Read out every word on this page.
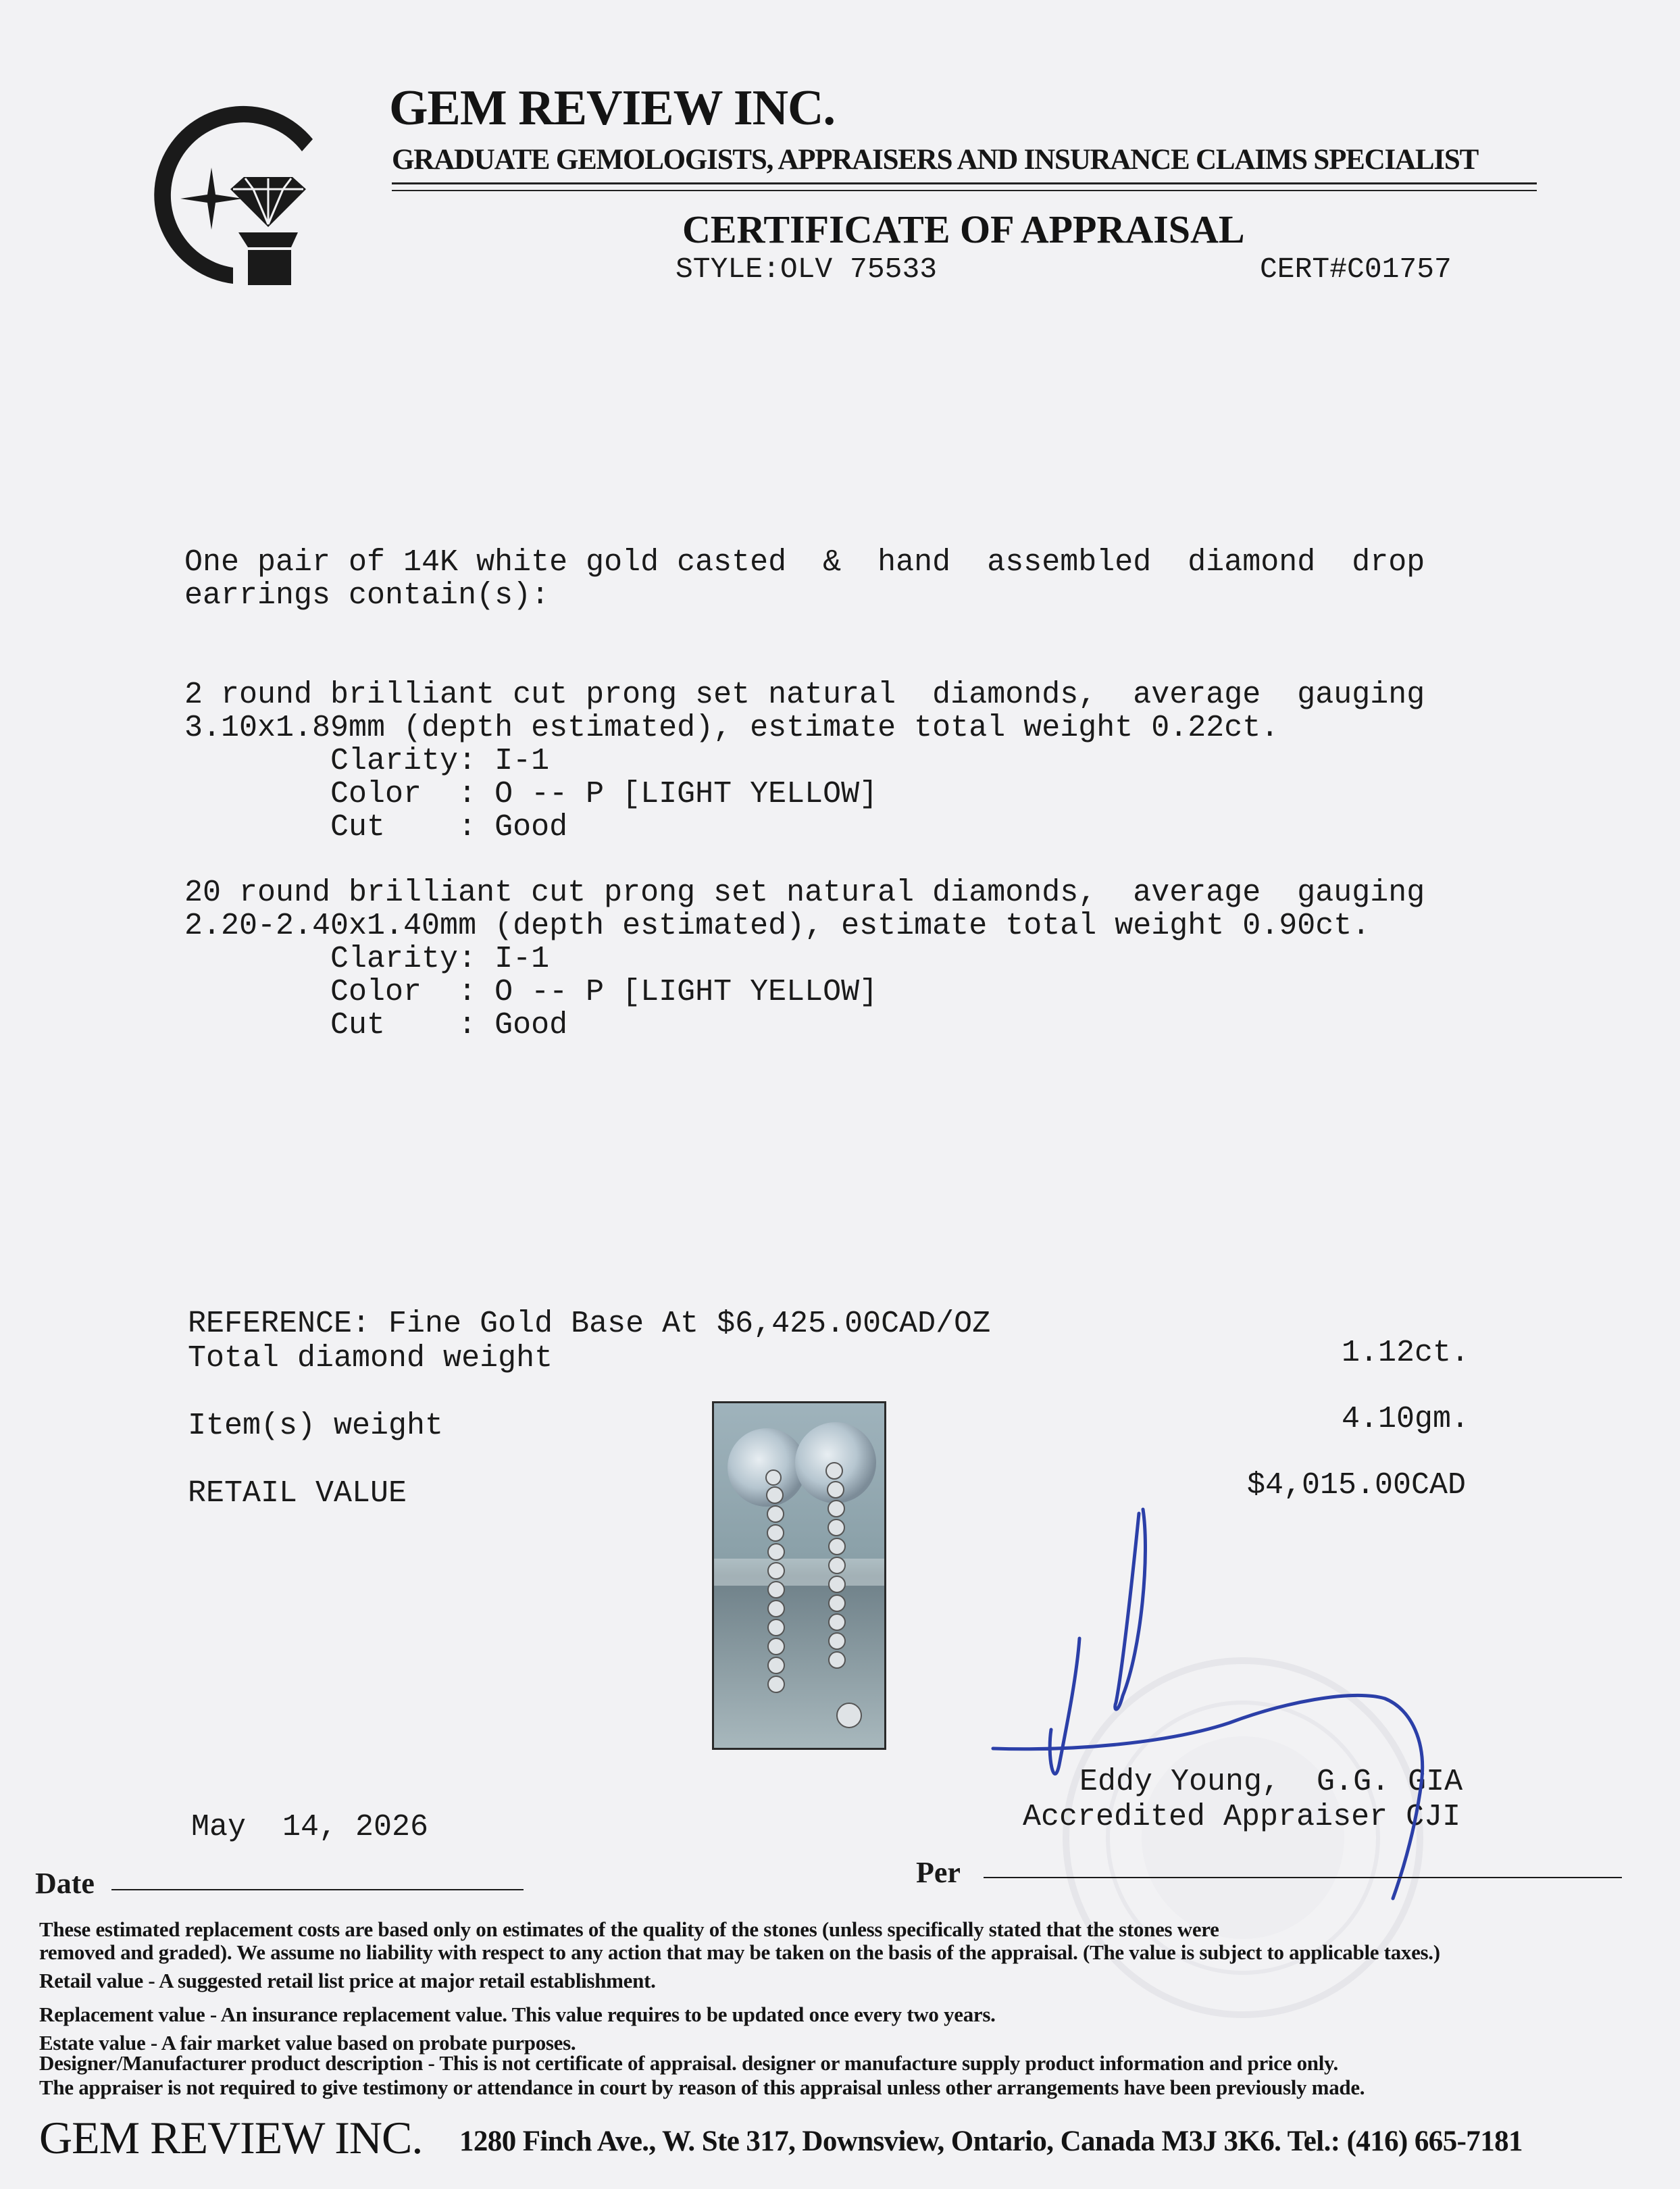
GEM REVIEW INC.
GRADUATE GEMOLOGISTS, APPRAISERS AND INSURANCE CLAIMS SPECIALIST
CERTIFICATE OF APPRAISAL
STYLE:OLV 75533	CERT#C01757
One pair of 14K white gold casted  &  hand  assembled  diamond  drop
earrings contain(s):
2 round brilliant cut prong set natural  diamonds,  average  gauging
3.10x1.89mm (depth estimated), estimate total weight 0.22ct.
Clarity: I-1
Color  : O -- P [LIGHT YELLOW]
Cut    : Good
20 round brilliant cut prong set natural diamonds,  average  gauging
2.20-2.40x1.40mm (depth estimated), estimate total weight 0.90ct.
Clarity: I-1
Color  : O -- P [LIGHT YELLOW]
Cut    : Good
REFERENCE: Fine Gold Base At $6,425.00CAD/OZ
Total diamond weight	1.12ct.
Item(s) weight	4.10gm.
RETAIL VALUE	$4,015.00CAD
Eddy Young,  G.G. GIA
Accredited Appraiser CJI
May  14, 2026
Date	Per
These estimated replacement costs are based only on estimates of the quality of the stones (unless specifically stated that the stones were
removed and graded). We assume no liability with respect to any action that may be taken on the basis of the appraisal. (The value is subject to applicable taxes.)
Retail value - A suggested retail list price at major retail establishment.
Replacement value - An insurance replacement value. This value requires to be updated once every two years.
Estate value - A fair market value based on probate purposes.
Designer/Manufacturer product description - This is not certificate of appraisal. designer or manufacture supply product information and price only.
The appraiser is not required to give testimony or attendance in court by reason of this appraisal unless other arrangements have been previously made.
GEM REVIEW INC. 1280 Finch Ave., W. Ste 317, Downsview, Ontario, Canada M3J 3K6. Tel.: (416) 665-7181
